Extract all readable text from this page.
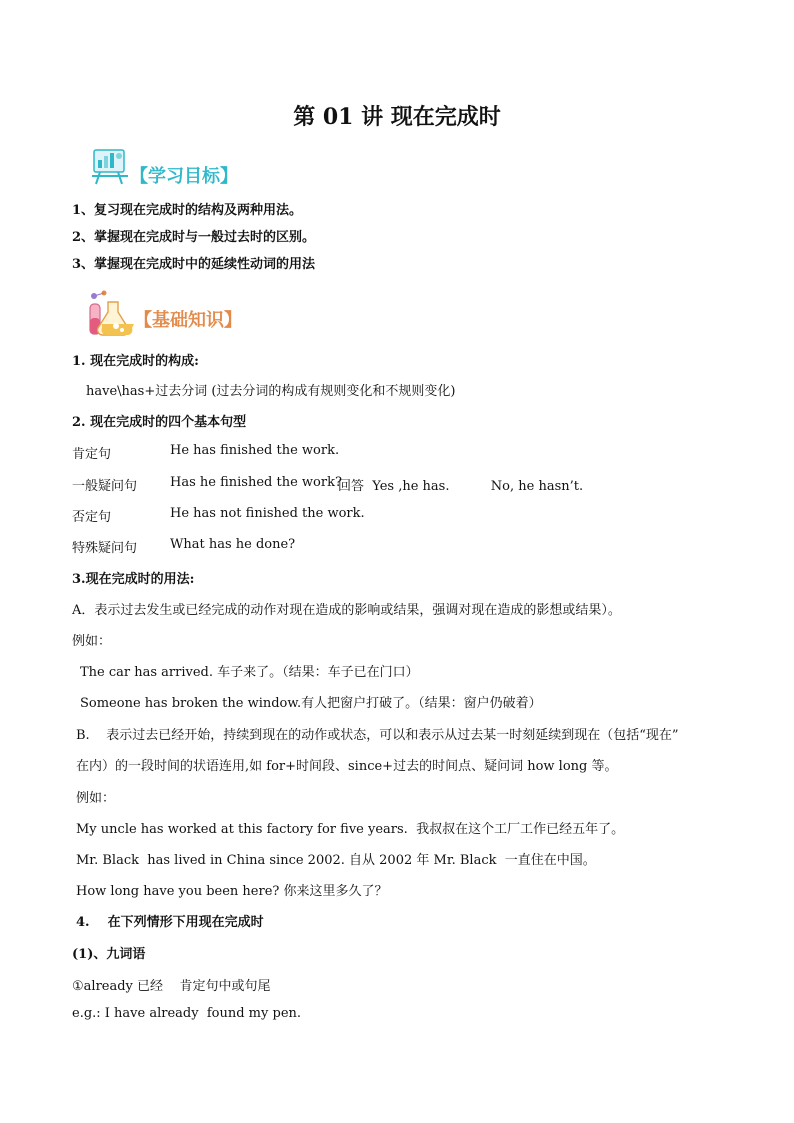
第 01 讲 现在完成时
【学习目标】
1、复习现在完成时的结构及两种用法。
2、掌握现在完成时与一般过去时的区别。
3、掌握现在完成时中的延续性动词的用法
【基础知识】
1. 现在完成时的构成:
have\has+过去分词 (过去分词的构成有规则变化和不规则变化)
2. 现在完成时的四个基本句型
肯定句	He has finished the work.
一般疑问句	Has he finished the work?
回答  Yes ,he has.          No, he hasn’t.
否定句	He has not finished the work.
特殊疑问句	What has he done?
3.现在完成时的用法:
A．表示过去发生或已经完成的动作对现在造成的影响或结果，强调对现在造成的影想或结果）。
例如：
The car has arrived. 车子来了。（结果：车子已在门口）
Someone has broken the window.有人把窗户打破了。（结果：窗户仍破着）
B.    表示过去已经开始，持续到现在的动作或状态，可以和表示从过去某一时刻延续到现在（包括“现在”
在内）的一段时间的状语连用,如 for+时间段、since+过去的时间点、疑问词 how long 等。
例如：
My uncle has worked at this factory for five years.  我叔叔在这个工厂工作已经五年了。
Mr. Black  has lived in China since 2002. 自从 2002 年 Mr. Black  一直住在中国。
How long have you been here? 你来这里多久了？
4.    在下列情形下用现在完成时
(1)、九词语
①already 已经    肯定句中或句尾
e.g.: I have already  found my pen.
